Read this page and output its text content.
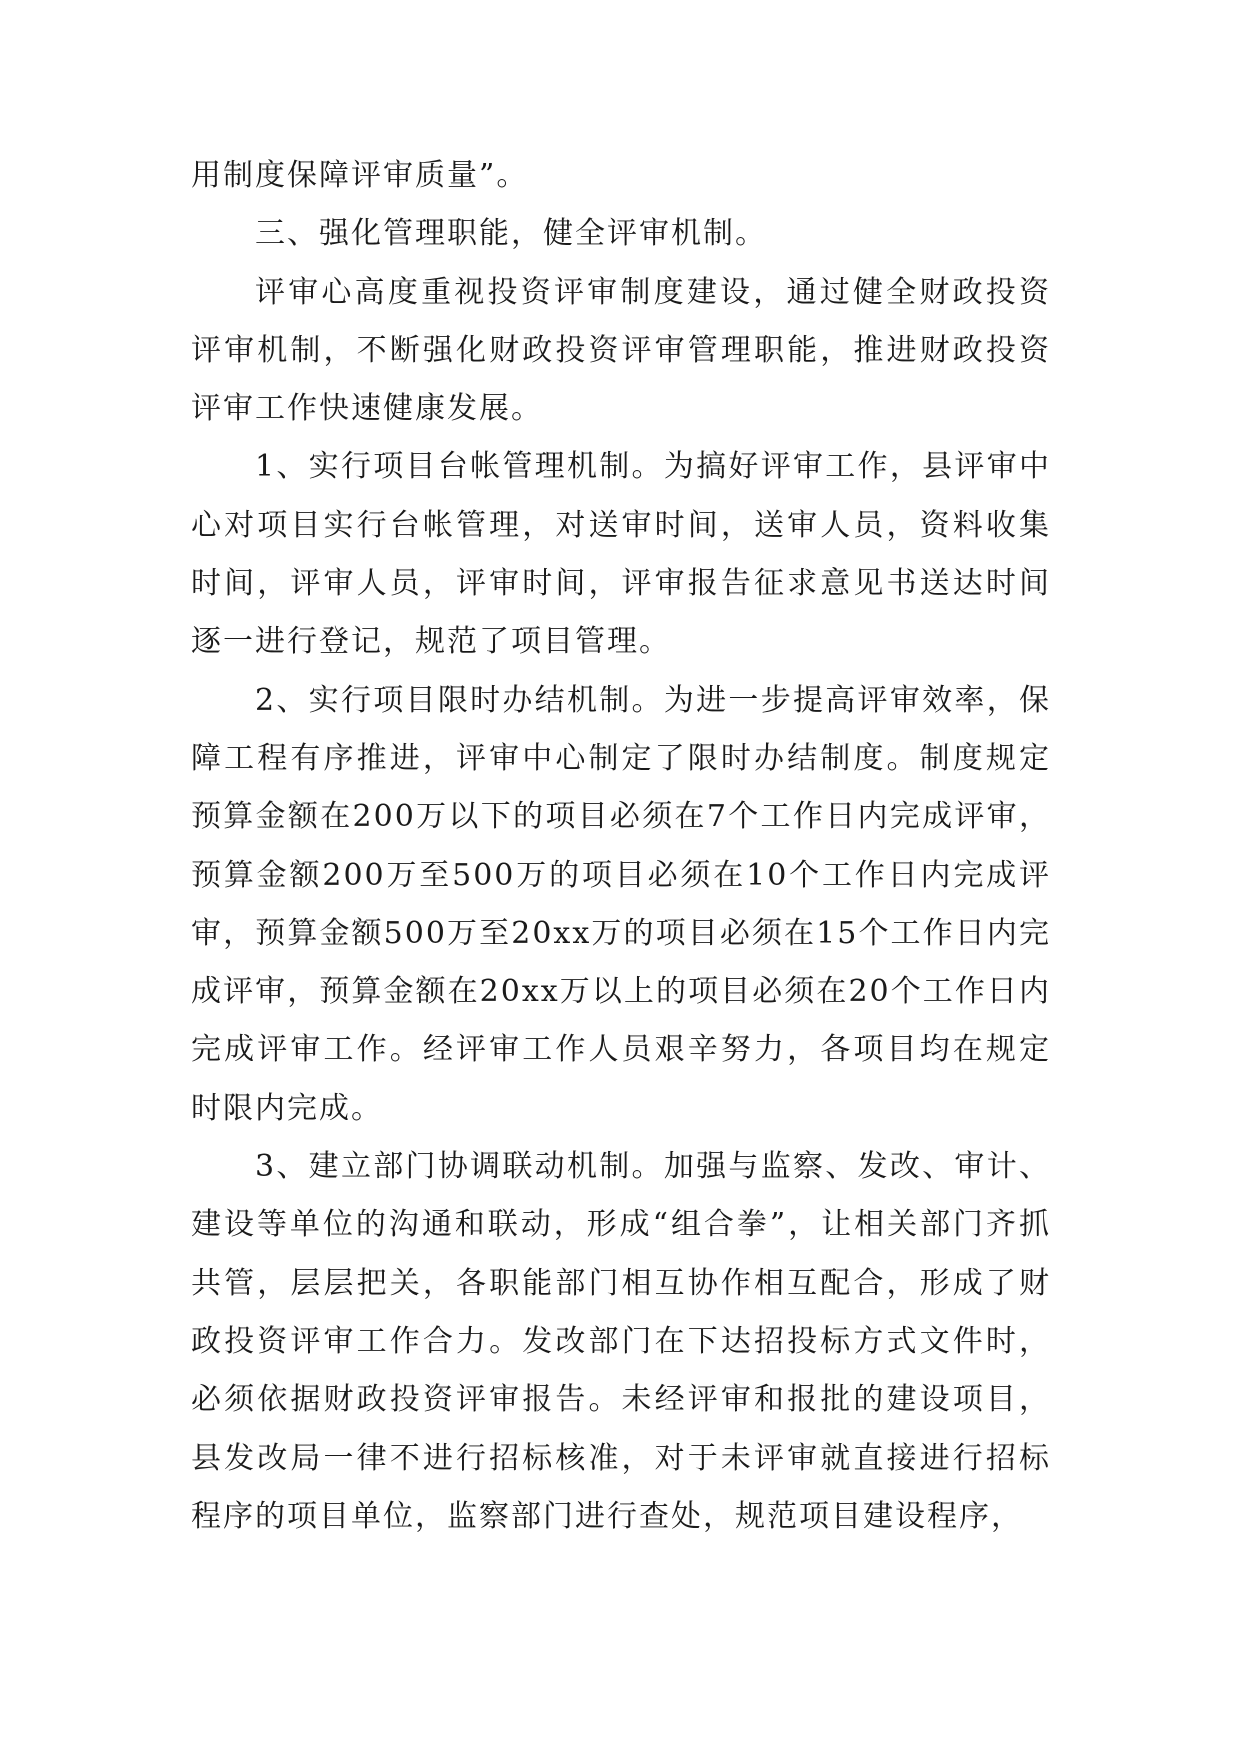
用制度保障评审质量”。

三、强化管理职能，健全评审机制。

评审心高度重视投资评审制度建设，通过健全财政投资评审机制，不断强化财政投资评审管理职能，推进财政投资评审工作快速健康发展。

1、实行项目台帐管理机制。为搞好评审工作，县评审中心对项目实行台帐管理，对送审时间，送审人员，资料收集时间，评审人员，评审时间，评审报告征求意见书送达时间逐一进行登记，规范了项目管理。

2、实行项目限时办结机制。为进一步提高评审效率，保障工程有序推进，评审中心制定了限时办结制度。制度规定预算金额在200万以下的项目必须在7个工作日内完成评审，预算金额200万至500万的项目必须在10个工作日内完成评审，预算金额500万至20xx万的项目必须在15个工作日内完成评审，预算金额在20xx万以上的项目必须在20个工作日内完成评审工作。经评审工作人员艰辛努力，各项目均在规定时限内完成。

3、建立部门协调联动机制。加强与监察、发改、审计、建设等单位的沟通和联动，形成“组合拳”，让相关部门齐抓共管，层层把关，各职能部门相互协作相互配合，形成了财政投资评审工作合力。发改部门在下达招投标方式文件时，必须依据财政投资评审报告。未经评审和报批的建设项目，县发改局一律不进行招标核准，对于未评审就直接进行招标程序的项目单位，监察部门进行查处，规范项目建设程序，
